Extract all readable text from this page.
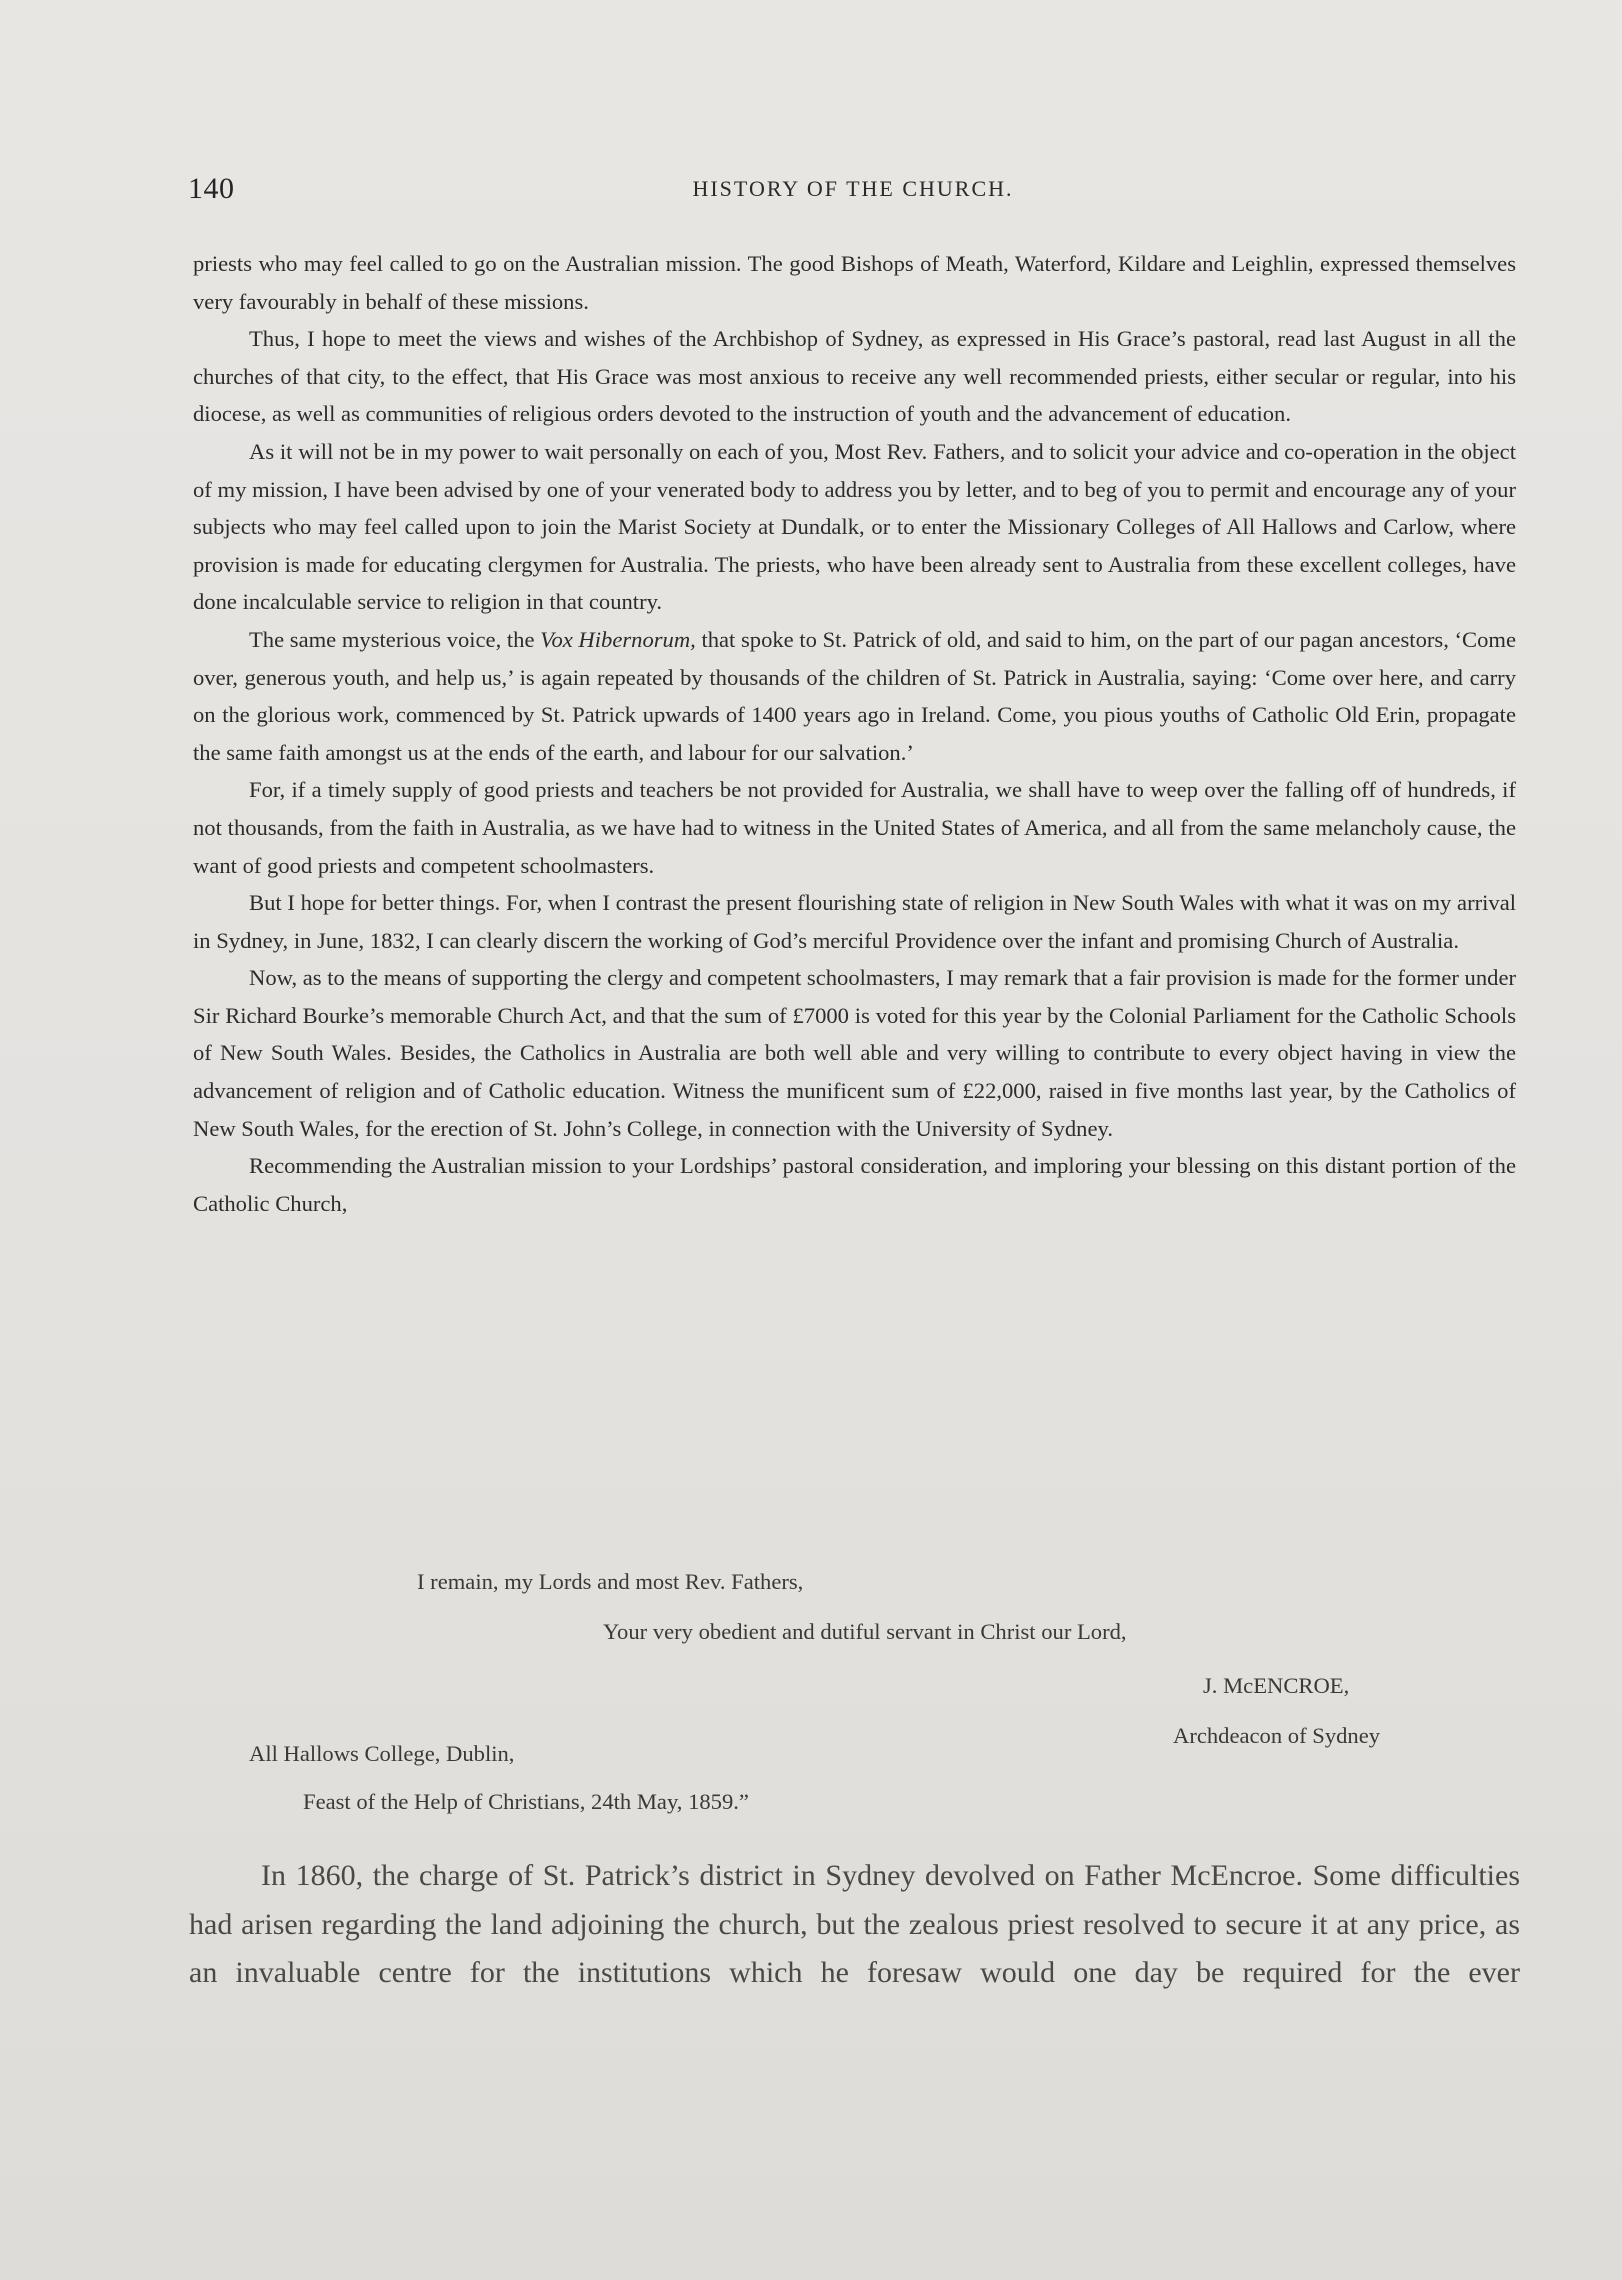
140	HISTORY OF THE CHURCH.

priests who may feel called to go on the Australian mission. The good Bishops of Meath, Waterford, Kildare and Leighlin, expressed themselves very favourably in behalf of these missions.

Thus, I hope to meet the views and wishes of the Archbishop of Sydney, as expressed in His Grace’s pastoral, read last August in all the churches of that city, to the effect, that His Grace was most anxious to receive any well recommended priests, either secular or regular, into his diocese, as well as communities of religious orders devoted to the instruction of youth and the advancement of education.

As it will not be in my power to wait personally on each of you, Most Rev. Fathers, and to solicit your advice and co-operation in the object of my mission, I have been advised by one of your venerated body to address you by letter, and to beg of you to permit and encourage any of your subjects who may feel called upon to join the Marist Society at Dundalk, or to enter the Missionary Colleges of All Hallows and Carlow, where provision is made for educating clergymen for Australia. The priests, who have been already sent to Australia from these excellent colleges, have done incalculable service to religion in that country.

The same mysterious voice, the Vox Hibernorum, that spoke to St. Patrick of old, and said to him, on the part of our pagan ancestors, ‘Come over, generous youth, and help us,’ is again repeated by thousands of the children of St. Patrick in Australia, saying: ‘Come over here, and carry on the glorious work, commenced by St. Patrick upwards of 1400 years ago in Ireland. Come, you pious youths of Catholic Old Erin, propagate the same faith amongst us at the ends of the earth, and labour for our salvation.’

For, if a timely supply of good priests and teachers be not provided for Australia, we shall have to weep over the falling off of hundreds, if not thousands, from the faith in Australia, as we have had to witness in the United States of America, and all from the same melancholy cause, the want of good priests and competent schoolmasters.

But I hope for better things. For, when I contrast the present flourishing state of religion in New South Wales with what it was on my arrival in Sydney, in June, 1832, I can clearly discern the working of God’s merciful Providence over the infant and promising Church of Australia.

Now, as to the means of supporting the clergy and competent schoolmasters, I may remark that a fair provision is made for the former under Sir Richard Bourke’s memorable Church Act, and that the sum of £7000 is voted for this year by the Colonial Parliament for the Catholic Schools of New South Wales. Besides, the Catholics in Australia are both well able and very willing to contribute to every object having in view the advancement of religion and of Catholic education. Witness the munificent sum of £22,000, raised in five months last year, by the Catholics of New South Wales, for the erection of St. John’s College, in connection with the University of Sydney.

Recommending the Australian mission to your Lordships’ pastoral consideration, and imploring your blessing on this distant portion of the Catholic Church,

I remain, my Lords and most Rev. Fathers,
Your very obedient and dutiful servant in Christ our Lord,
J. McENCROE,
Archdeacon of Sydney
All Hallows College, Dublin,
Feast of the Help of Christians, 24th May, 1859.”

In 1860, the charge of St. Patrick’s district in Sydney devolved on Father McEncroe. Some difficulties had arisen regarding the land adjoining the church, but the zealous priest resolved to secure it at any price, as an invaluable centre for the institutions which he foresaw would one day be required for the ever
